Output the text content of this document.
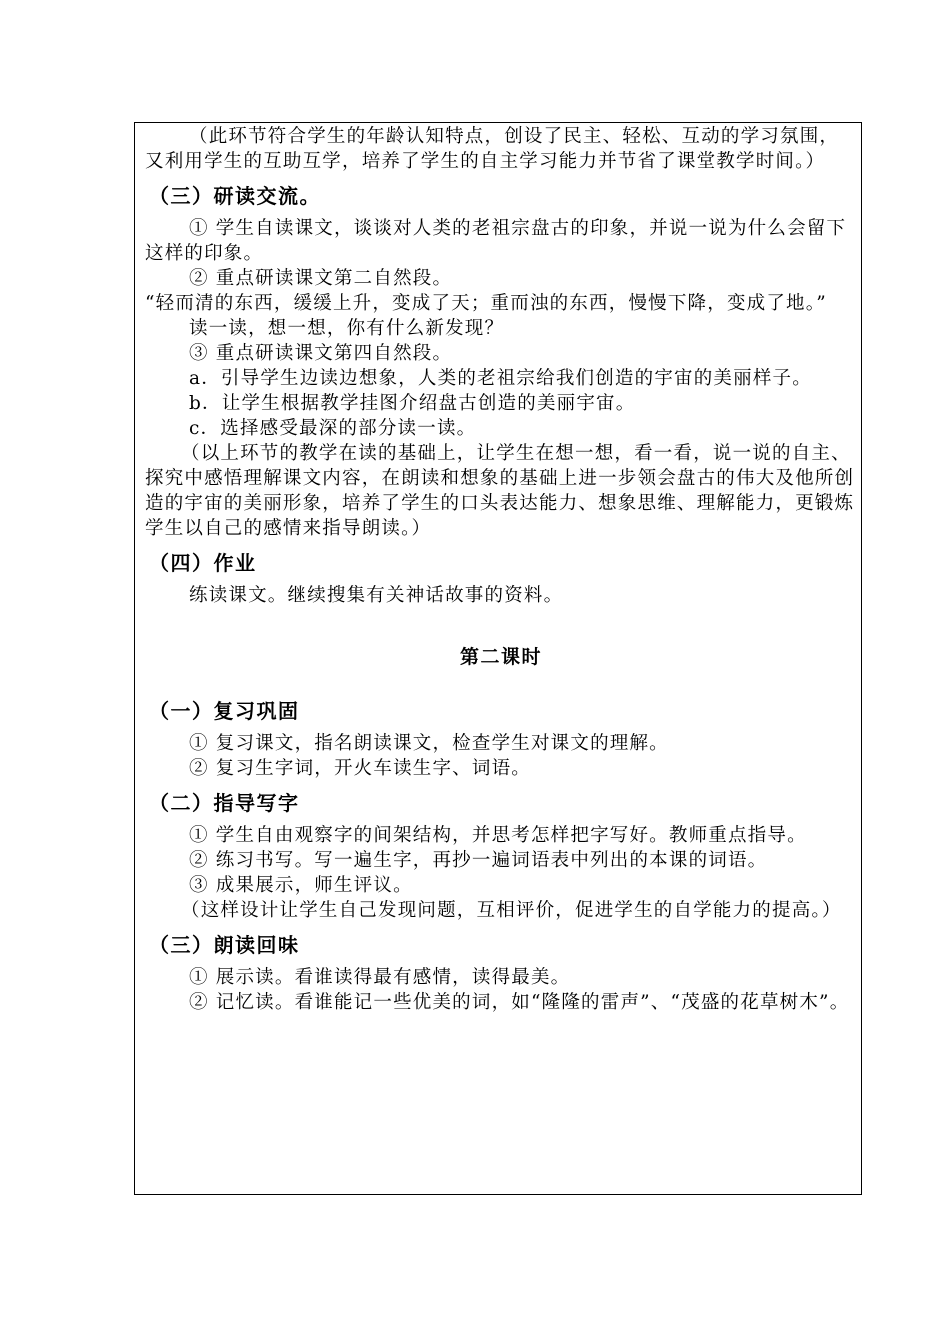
（此环节符合学生的年龄认知特点，创设了民主、轻松、互动的学习氛围，又利用学生的互助互学，培养了学生的自主学习能力并节省了课堂教学时间。）

（三）研读交流。

① 学生自读课文，谈谈对人类的老祖宗盘古的印象，并说一说为什么会留下这样的印象。

② 重点研读课文第二自然段。

“轻而清的东西，缓缓上升，变成了天；重而浊的东西，慢慢下降，变成了地。”

读一读，想一想，你有什么新发现？

③ 重点研读课文第四自然段。

a．引导学生边读边想象，人类的老祖宗给我们创造的宇宙的美丽样子。

b．让学生根据教学挂图介绍盘古创造的美丽宇宙。

c．选择感受最深的部分读一读。

（以上环节的教学在读的基础上，让学生在想一想，看一看，说一说的自主、探究中感悟理解课文内容，在朗读和想象的基础上进一步领会盘古的伟大及他所创造的宇宙的美丽形象，培养了学生的口头表达能力、想象思维、理解能力，更锻炼学生以自己的感情来指导朗读。）

（四）作业

练读课文。继续搜集有关神话故事的资料。

第二课时

（一）复习巩固

① 复习课文，指名朗读课文，检查学生对课文的理解。

② 复习生字词，开火车读生字、词语。

（二）指导写字

① 学生自由观察字的间架结构，并思考怎样把字写好。教师重点指导。

② 练习书写。写一遍生字，再抄一遍词语表中列出的本课的词语。

③ 成果展示，师生评议。

（这样设计让学生自己发现问题，互相评价，促进学生的自学能力的提高。）

（三）朗读回味

① 展示读。看谁读得最有感情，读得最美。

② 记忆读。看谁能记一些优美的词，如“隆隆的雷声”、“茂盛的花草树木”。
